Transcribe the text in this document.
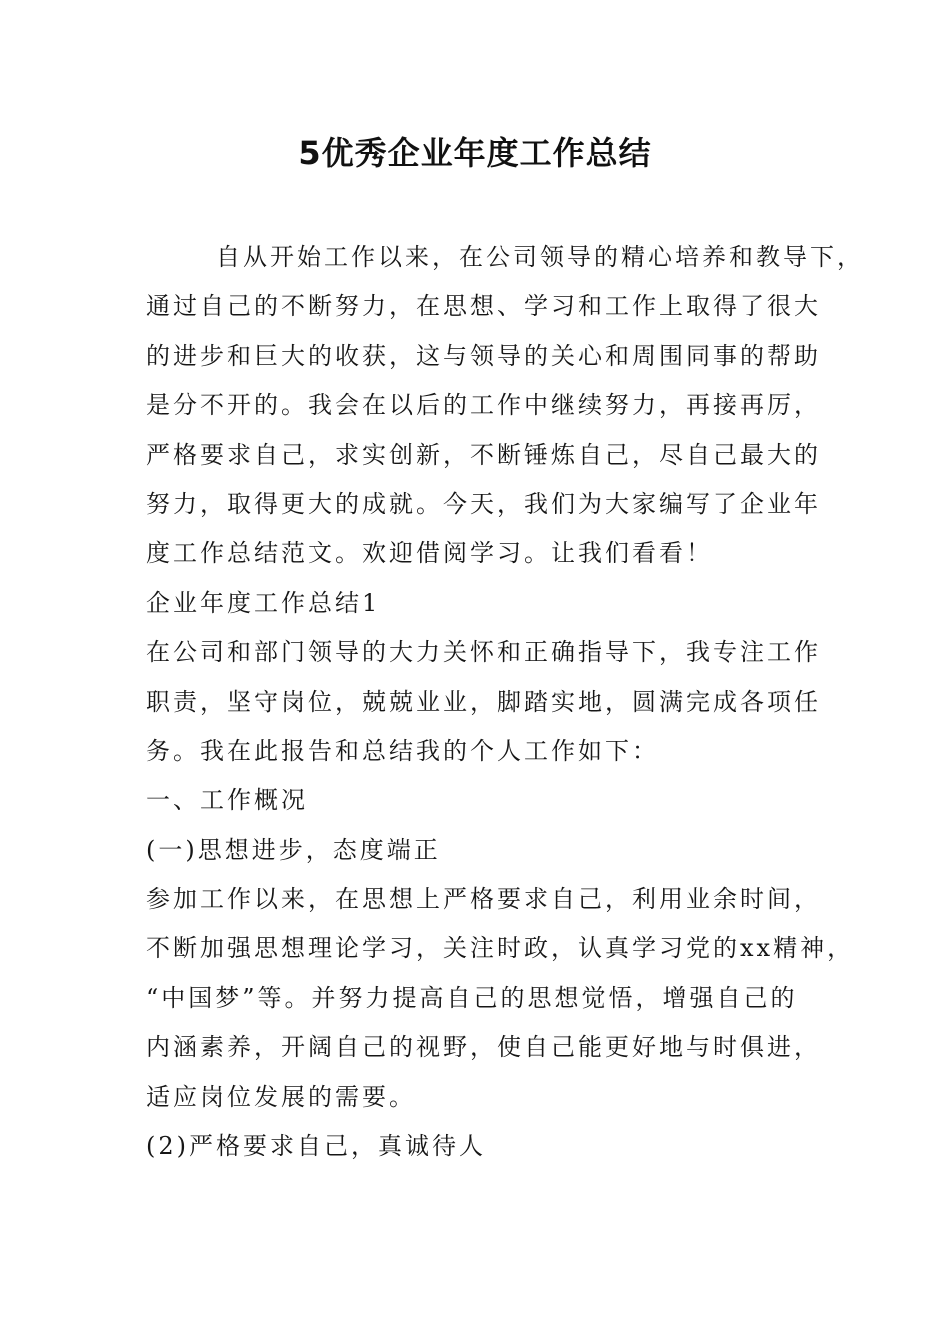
5优秀企业年度工作总结
自从开始工作以来，在公司领导的精心培养和教导下，
通过自己的不断努力，在思想、学习和工作上取得了很大
的进步和巨大的收获，这与领导的关心和周围同事的帮助
是分不开的。我会在以后的工作中继续努力，再接再厉，
严格要求自己，求实创新，不断锤炼自己，尽自己最大的
努力，取得更大的成就。今天，我们为大家编写了企业年
度工作总结范文。欢迎借阅学习。让我们看看！
企业年度工作总结1
在公司和部门领导的大力关怀和正确指导下，我专注工作
职责，坚守岗位，兢兢业业，脚踏实地，圆满完成各项任
务。我在此报告和总结我的个人工作如下：
一、工作概况
(一)思想进步，态度端正
参加工作以来，在思想上严格要求自己，利用业余时间，
不断加强思想理论学习，关注时政，认真学习党的xx精神，
“中国梦”等。并努力提高自己的思想觉悟，增强自己的
内涵素养，开阔自己的视野，使自己能更好地与时俱进，
适应岗位发展的需要。
(2)严格要求自己，真诚待人
